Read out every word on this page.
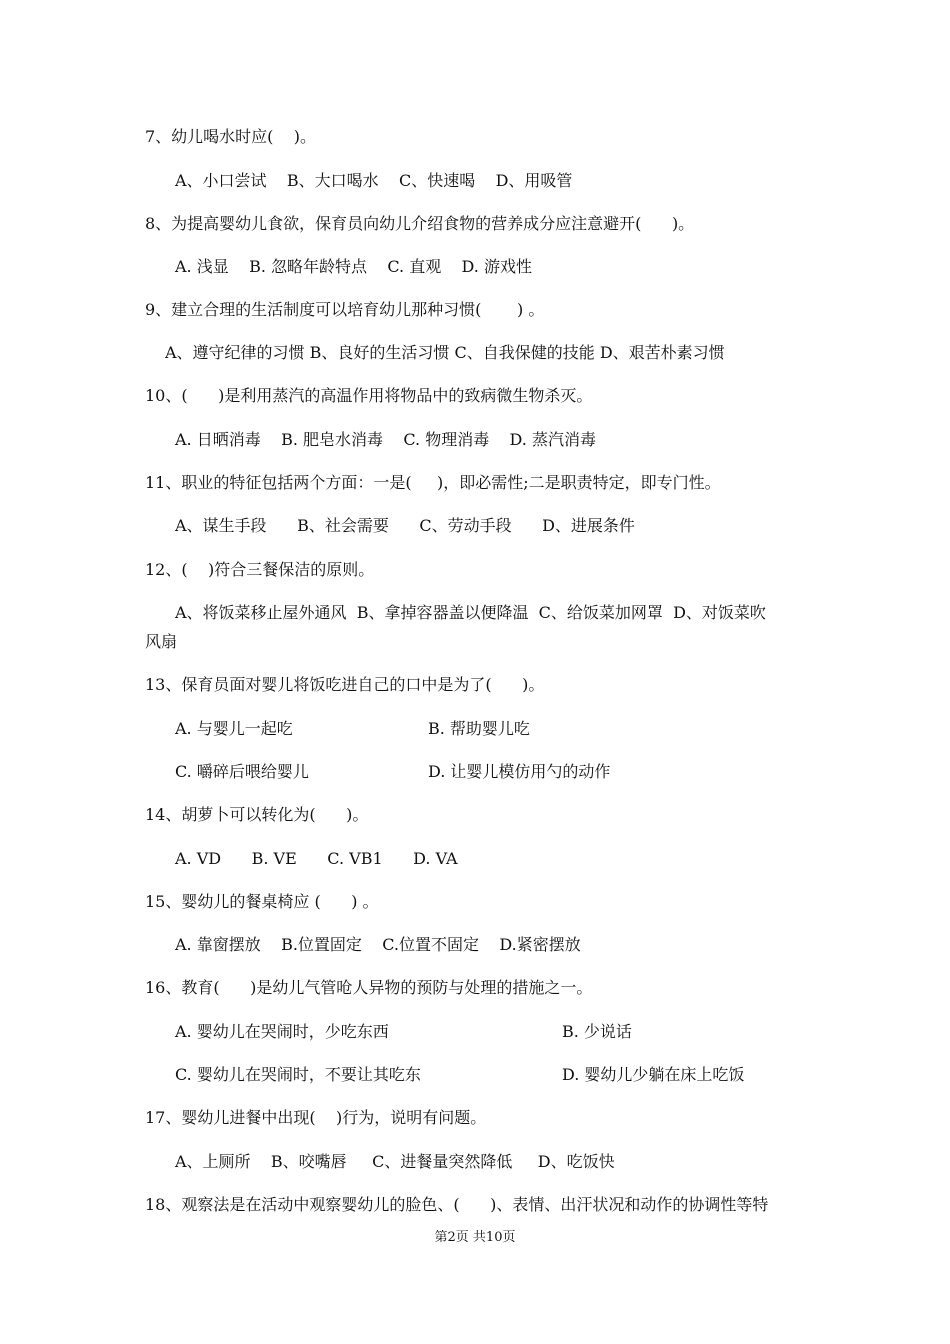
7、幼儿喝水时应(    )。
A、小口尝试    B、大口喝水    C、快速喝    D、用吸管
8、为提高婴幼儿食欲，保育员向幼儿介绍食物的营养成分应注意避开(      )。
A. 浅显    B. 忽略年龄特点    C. 直观    D. 游戏性
9、建立合理的生活制度可以培育幼儿那种习惯(       ) 。
A、遵守纪律的习惯 B、良好的生活习惯 C、自我保健的技能 D、艰苦朴素习惯
10、(      )是利用蒸汽的高温作用将物品中的致病微生物杀灭。
A. 日晒消毒    B. 肥皂水消毒    C. 物理消毒    D. 蒸汽消毒
11、职业的特征包括两个方面：一是(     )，即必需性;二是职责特定，即专门性。
A、谋生手段      B、社会需要      C、劳动手段      D、进展条件
12、(    )符合三餐保洁的原则。
A、将饭菜移止屋外通风  B、拿掉容器盖以便降温  C、给饭菜加网罩  D、对饭菜吹
风扇
13、保育员面对婴儿将饭吃进自己的口中是为了(      )。
A. 与婴儿一起吃	B. 帮助婴儿吃
C. 嚼碎后喂给婴儿	D. 让婴儿模仿用勺的动作
14、胡萝卜可以转化为(      )。
A. VD      B. VE      C. VB1      D. VA
15、婴幼儿的餐桌椅应 (      ) 。
A. 靠窗摆放    B.位置固定    C.位置不固定    D.紧密摆放
16、教育(      )是幼儿气管呛人异物的预防与处理的措施之一。
A. 婴幼儿在哭闹时，少吃东西	B. 少说话
C. 婴幼儿在哭闹时，不要让其吃东	D. 婴幼儿少躺在床上吃饭
17、婴幼儿进餐中出现(    )行为，说明有问题。
A、上厕所    B、咬嘴唇     C、进餐量突然降低     D、吃饭快
18、观察法是在活动中观察婴幼儿的脸色、(      )、表情、出汗状况和动作的协调性等特
第2页 共10页
